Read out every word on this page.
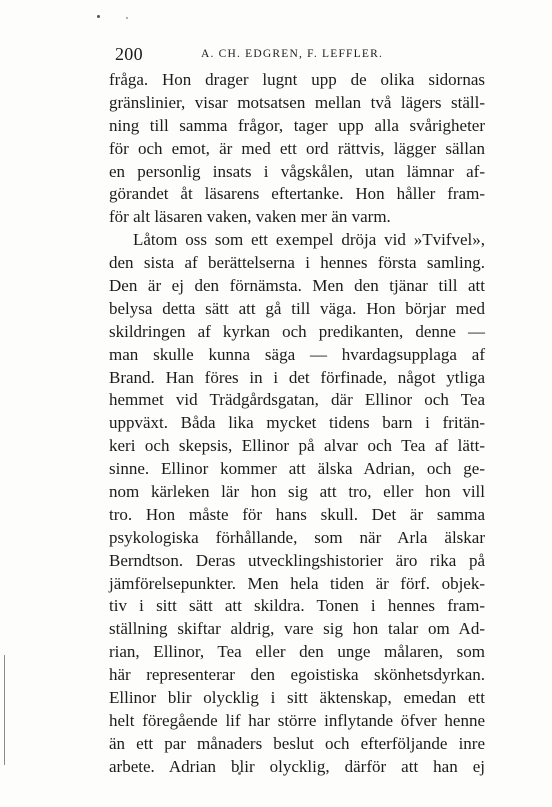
200	A. CH. EDGREN, F. LEFFLER.
fråga. Hon drager lugnt upp de olika sidornas
gränslinier, visar motsatsen mellan två lägers ställ-
ning till samma frågor, tager upp alla svårigheter
för och emot, är med ett ord rättvis, lägger sällan
en personlig insats i vågskålen, utan lämnar af-
görandet åt läsarens eftertanke. Hon håller fram-
för alt läsaren vaken, vaken mer än varm.
Låtom oss som ett exempel dröja vid »Tvifvel»,
den sista af berättelserna i hennes första samling.
Den är ej den förnämsta. Men den tjänar till att
belysa detta sätt att gå till väga. Hon börjar med
skildringen af kyrkan och predikanten, denne —
man skulle kunna säga — hvardagsupplaga af
Brand. Han föres in i det förfinade, något ytliga
hemmet vid Trädgårdsgatan, där Ellinor och Tea
uppväxt. Båda lika mycket tidens barn i fritän-
keri och skepsis, Ellinor på alvar och Tea af lätt-
sinne. Ellinor kommer att älska Adrian, och ge-
nom kärleken lär hon sig att tro, eller hon vill
tro. Hon måste för hans skull. Det är samma
psykologiska förhållande, som när Arla älskar
Berndtson. Deras utvecklingshistorier äro rika på
jämförelsepunkter. Men hela tiden är förf. objek-
tiv i sitt sätt att skildra. Tonen i hennes fram-
ställning skiftar aldrig, vare sig hon talar om Ad-
rian, Ellinor, Tea eller den unge målaren, som
här representerar den egoistiska skönhetsdyrkan.
Ellinor blir olycklig i sitt äktenskap, emedan ett
helt föregående lif har större inflytande öfver henne
än ett par månaders beslut och efterföljande inre
arbete. Adrian blir olycklig, därför att han ej
